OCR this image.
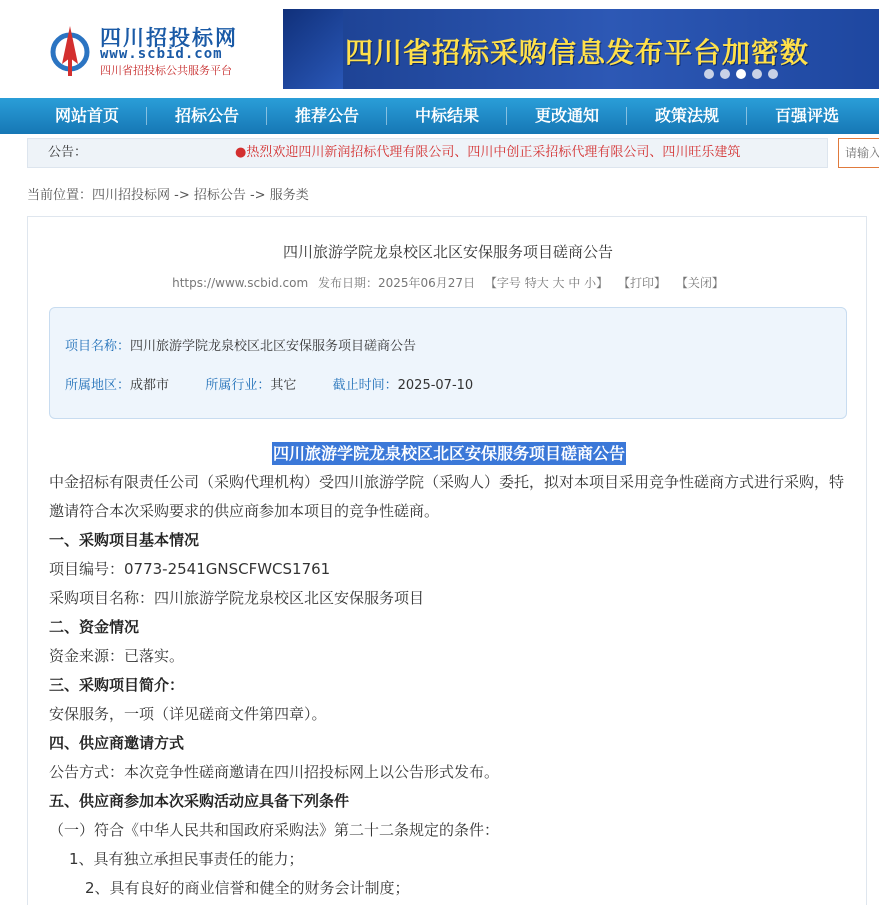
四川招投标网
www.scbid.com
四川省招投标公共服务平台
四川省招标采购信息发布平台加密数
网站首页	招标公告	推荐公告	中标结果	更改通知	政策法规	百强评选
公告：	●热烈欢迎四川新润招标代理有限公司、四川中创正采招标代理有限公司、四川旺乐建筑
请输入
当前位置：四川招投标网 -> 招标公告 -> 服务类
四川旅游学院龙泉校区北区安保服务项目磋商公告
https://www.scbid.com 发布日期：2025年06月27日 【字号 特大 大 中 小】 【打印】 【关闭】
项目名称：四川旅游学院龙泉校区北区安保服务项目磋商公告
所属地区：成都市	所属行业：其它	截止时间：2025-07-10
四川旅游学院龙泉校区北区安保服务项目磋商公告
中金招标有限责任公司（采购代理机构）受四川旅游学院（采购人）委托，拟对本项目采用竞争性磋商方式进行采购，特邀请符合本次采购要求的供应商参加本项目的竞争性磋商。
一、采购项目基本情况
项目编号：0773-2541GNSCFWCS1761
采购项目名称：四川旅游学院龙泉校区北区安保服务项目
二、资金情况
资金来源：已落实。
三、采购项目简介：
安保服务，一项（详见磋商文件第四章）。
四、供应商邀请方式
公告方式：本次竞争性磋商邀请在四川招投标网上以公告形式发布。
五、供应商参加本次采购活动应具备下列条件
（一）符合《中华人民共和国政府采购法》第二十二条规定的条件：
1、具有独立承担民事责任的能力；
2、具有良好的商业信誉和健全的财务会计制度；
